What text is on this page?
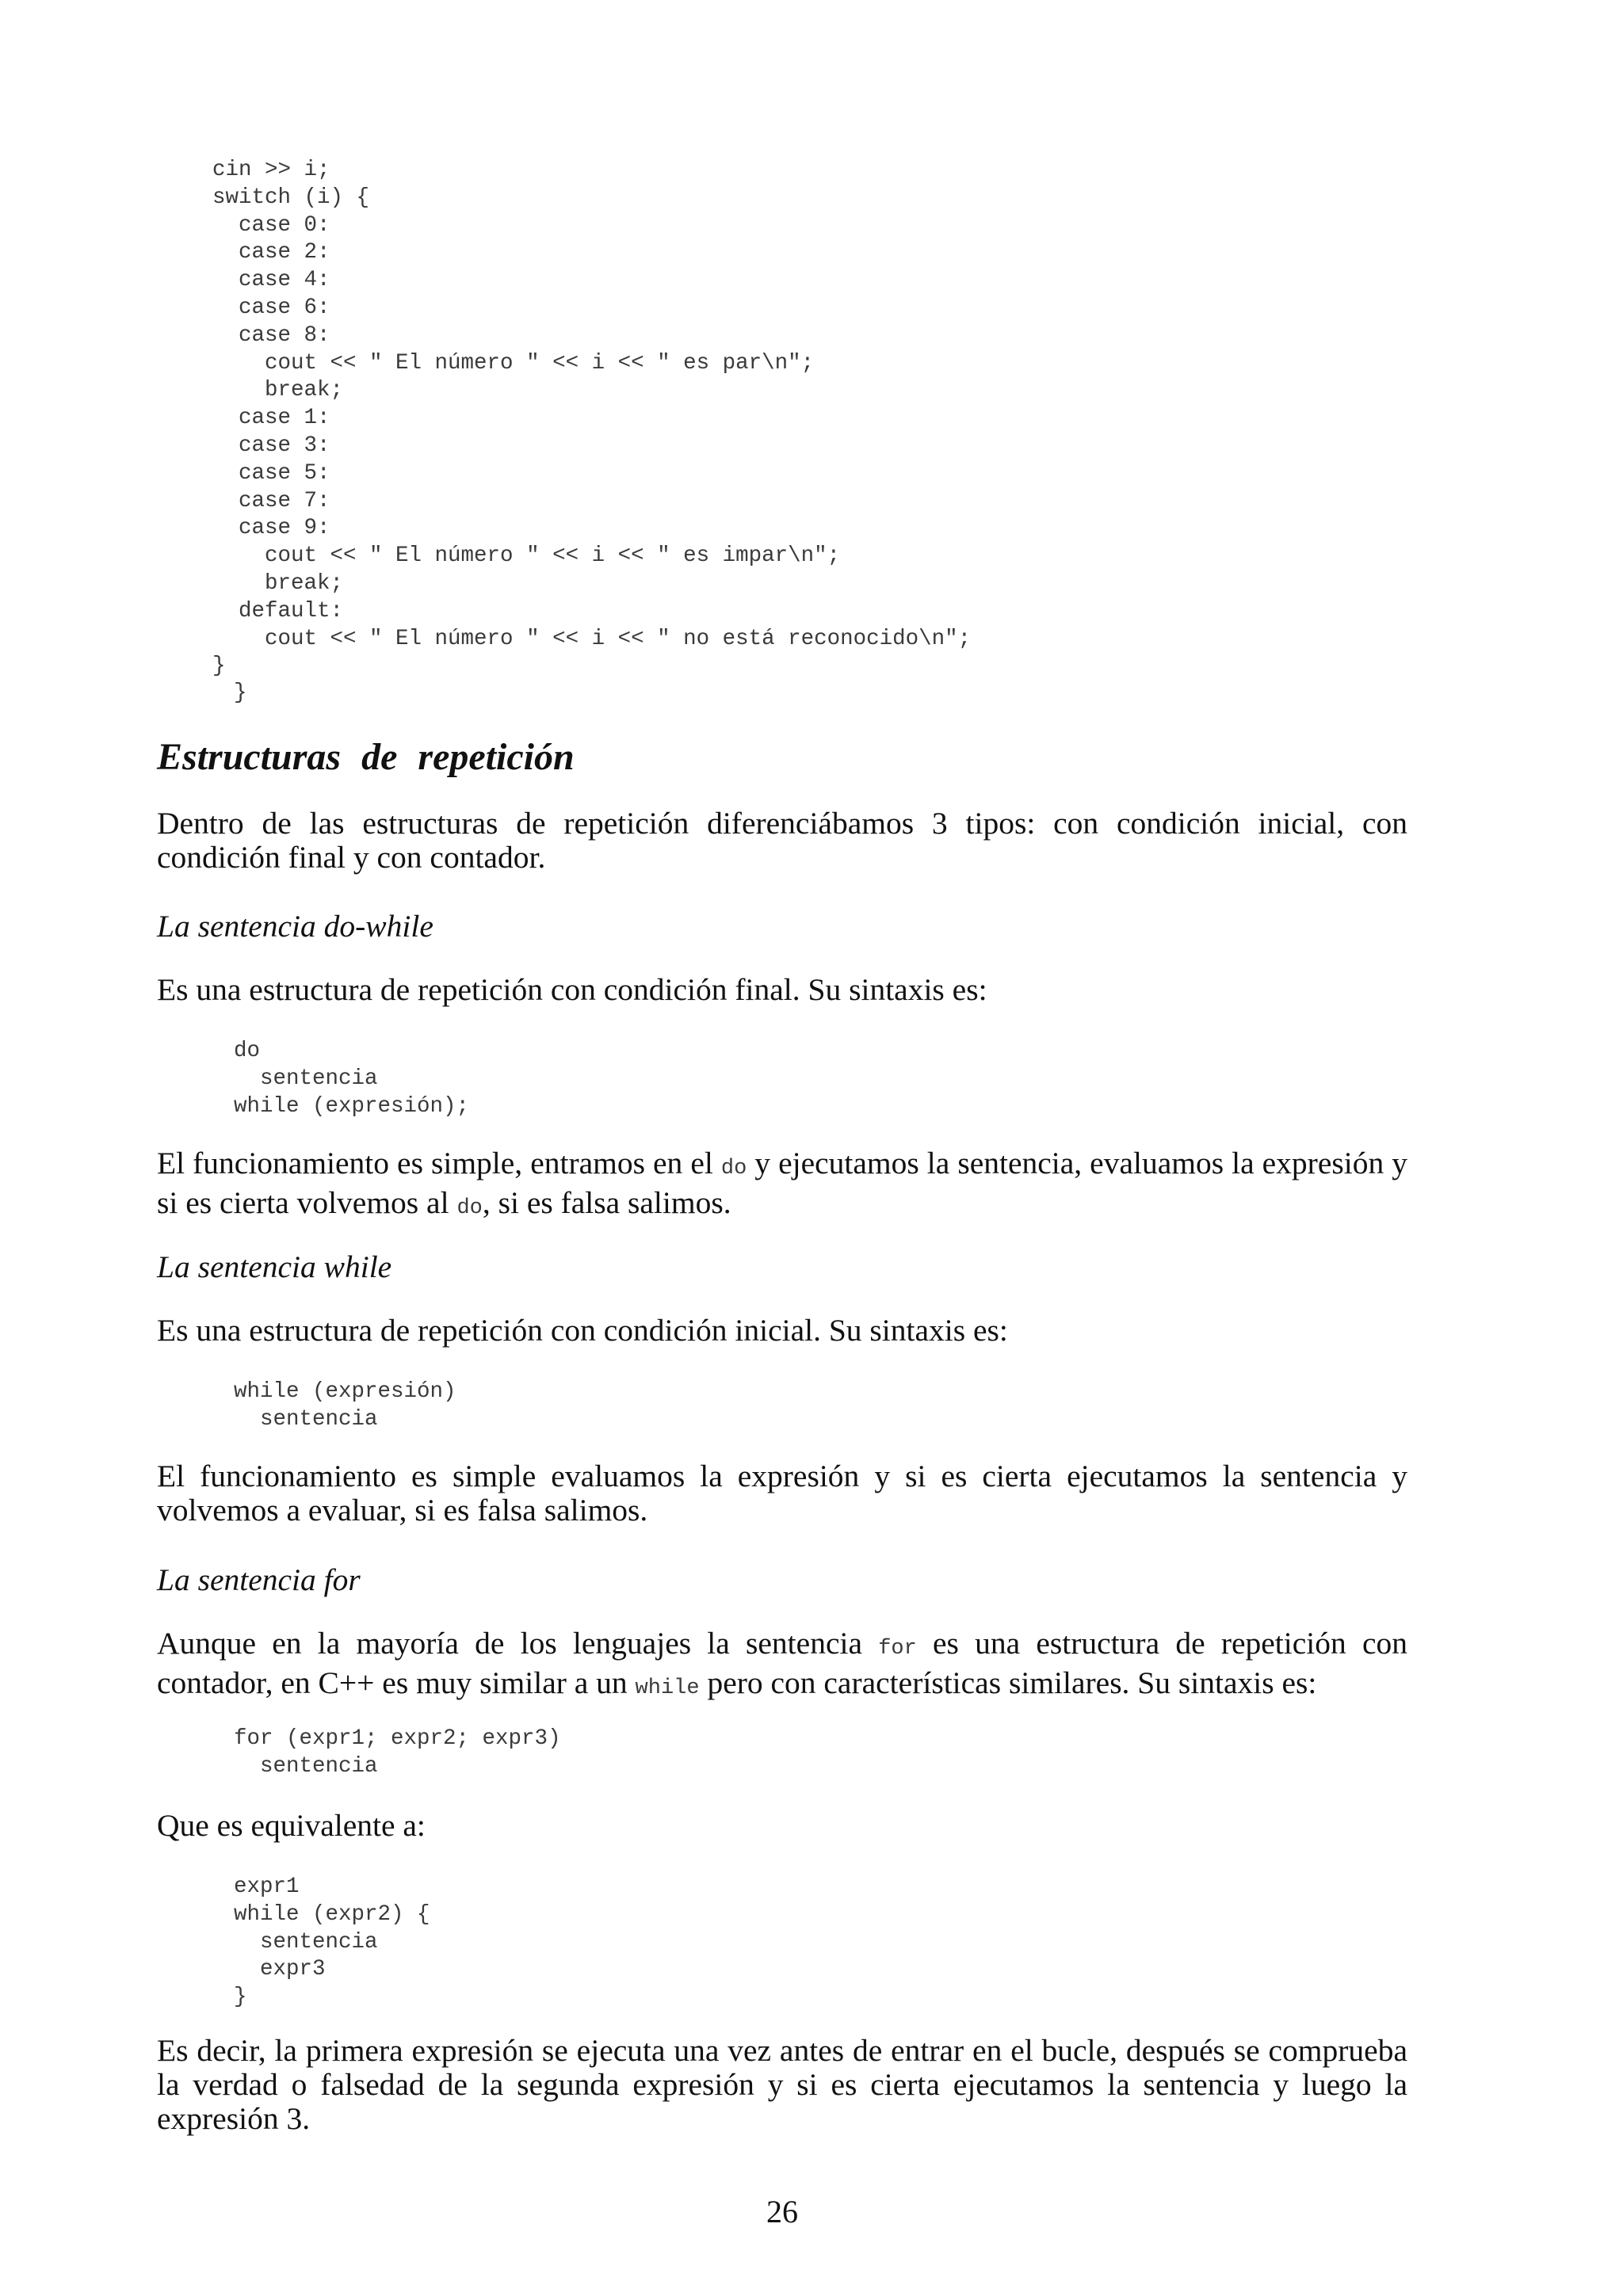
cin >> i;
switch (i) {
case 0:
case 2:
case 4:
case 6:
case 8:
cout << " El número " << i << " es par\n";
break;
case 1:
case 3:
case 5:
case 7:
case 9:
cout << " El número " << i << " es impar\n";
break;
default:
cout << " El número " << i << " no está reconocido\n";
}
}
Estructuras de repetición

Dentro de las estructuras de repetición diferenciábamos 3 tipos: con condición inicial, con condición final y con contador.

La sentencia do-while

Es una estructura de repetición con condición final. Su sintaxis es:

do
sentencia
while (expresión);

El funcionamiento es simple, entramos en el do y ejecutamos la sentencia, evaluamos la expresión y si es cierta volvemos al do, si es falsa salimos.

La sentencia while

Es una estructura de repetición con condición inicial. Su sintaxis es:

while (expresión)
sentencia

El funcionamiento es simple evaluamos la expresión y si es cierta ejecutamos la sentencia y volvemos a evaluar, si es falsa salimos.

La sentencia for

Aunque en la mayoría de los lenguajes la sentencia for es una estructura de repetición con contador, en C++ es muy similar a un while pero con características similares. Su sintaxis es:

for (expr1; expr2; expr3)
sentencia

Que es equivalente a:

expr1
while (expr2) {
sentencia
expr3
}

Es decir, la primera expresión se ejecuta una vez antes de entrar en el bucle, después se comprueba la verdad o falsedad de la segunda expresión y si es cierta ejecutamos la sentencia y luego la expresión 3.

26
